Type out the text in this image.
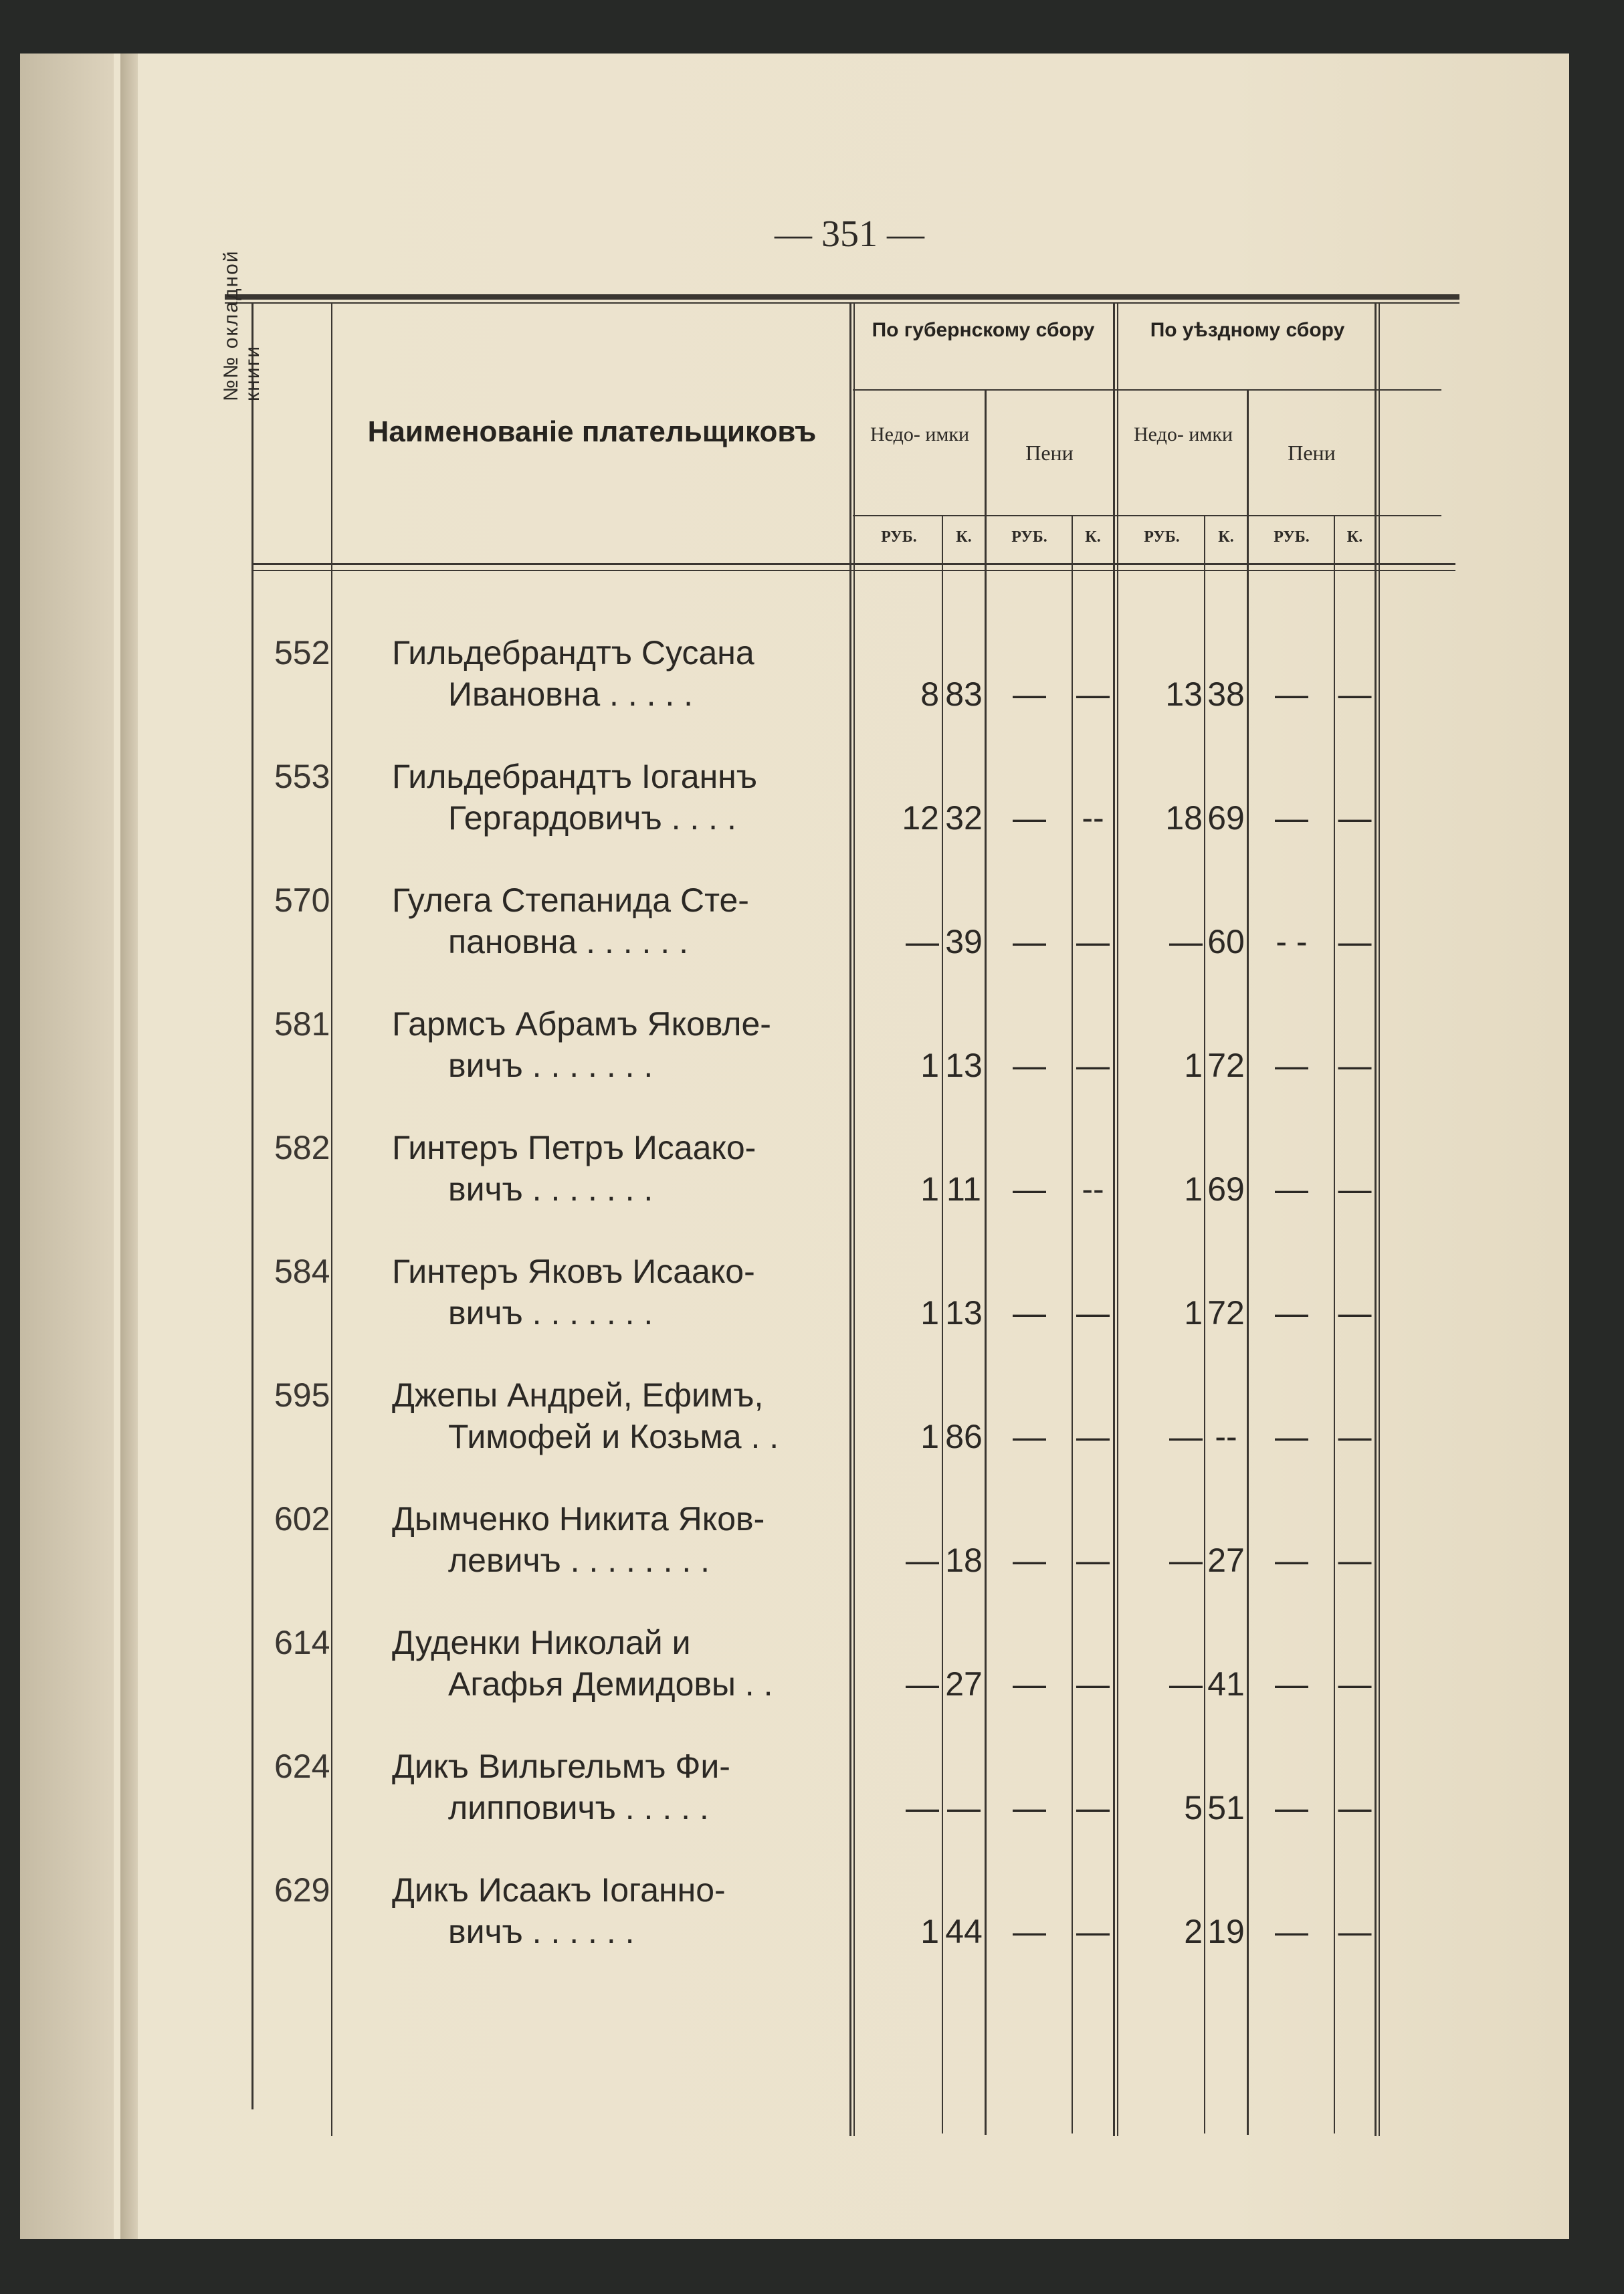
— 351 —
№№ окладной книги
Наименованіе плательщиковъ
По губернскому сбору	По уѣздному сбору
Недо- имки
Пени
Недо- имки
Пени
РУБ.	К.	РУБ.	К.	РУБ.	К.	РУБ.	К.
552 Гильдебрандтъ Сусана
Ивановна . . . . .	8 83 — —	13 38 — —
553 Гильдебрандтъ Іоганнъ
Гергардовичъ . . . .	12 32 —	--	18 69 — —
570 Гулега Степанида Сте-
пановна . . . . . .	— 39 — —	— 60 - - —
581 Гармсъ Абрамъ Яковле-
вичъ . . . . . . .	1 13 — —	1 72 — —
582 Гинтеръ Петръ Исаако-
вичъ . . . . . . .	1 11 —	--	1 69 — —
584 Гинтеръ Яковъ Исаако-
вичъ . . . . . . .	1 13 — —	1 72 — —
595 Джепы Андрей, Ефимъ,
Тимофей и Козьма . .	1 86 — —	— --	— —
602 Дымченко Никита Яков-
левичъ . . . . . . . .	— 18 — —	— 27 — —
614 Дуденки Николай и
Агафья Демидовы . .	— 27 — —	— 41 — —
624 Дикъ Вильгельмъ Фи-
липповичъ . . . . .	— — — —	5 51 — —
629 Дикъ Исаакъ Іоганно-
вичъ . . . . . .	1 44 — —	2 19 — —
